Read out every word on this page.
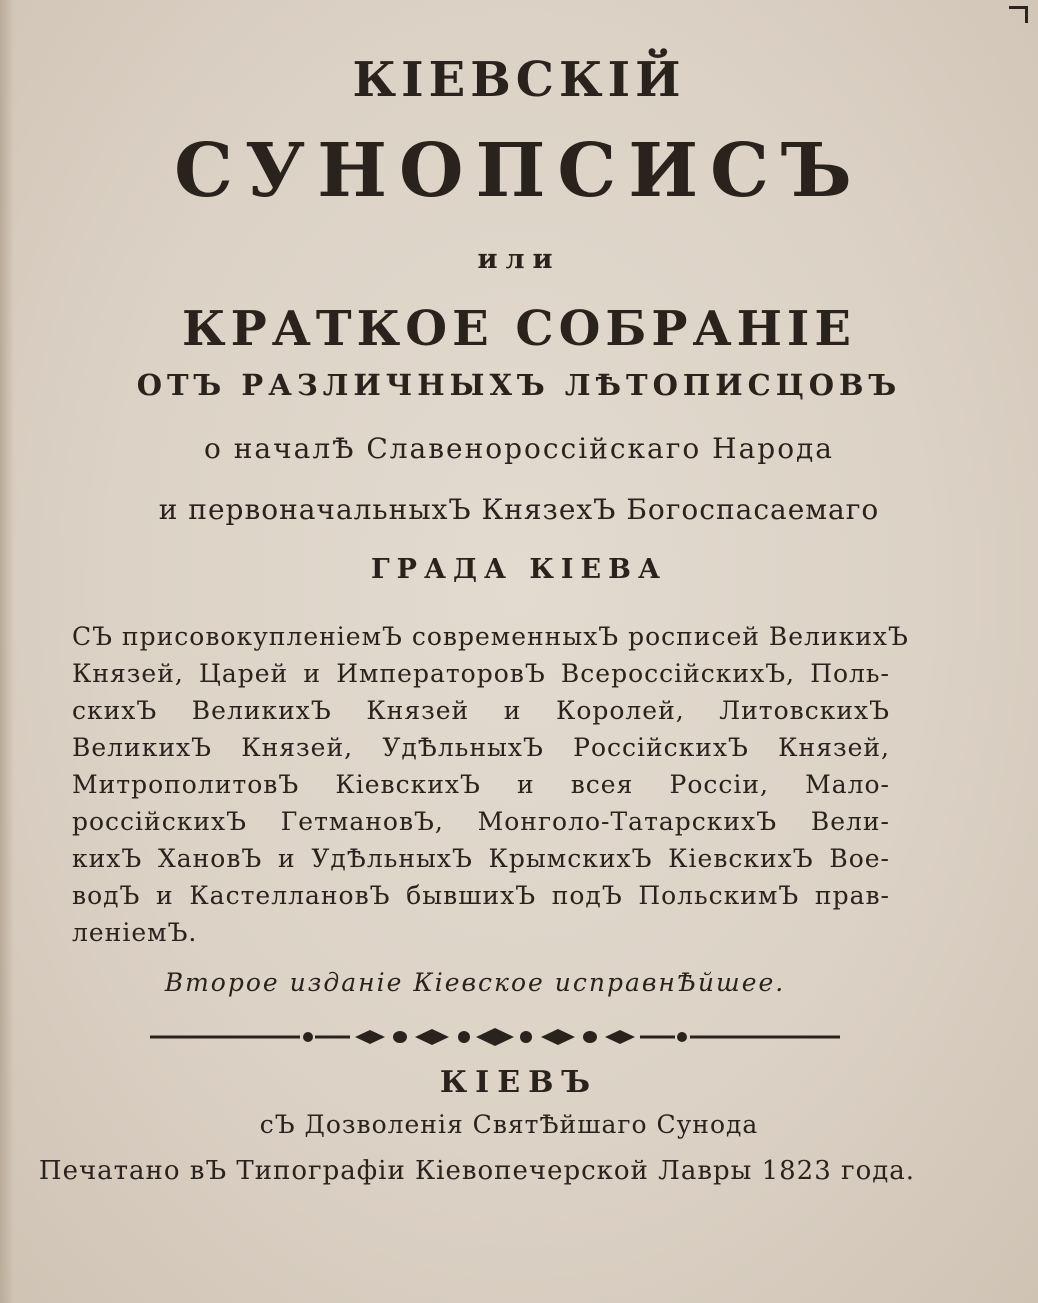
КІЕВСКІЙ
СУНОПСИСЪ
или
КРАТКОЕ СОБРАНІЕ
ОТЪ РАЗЛИЧНЫХЪ ЛѢТОПИСЦОВЪ
о началѢ Славенороссійскаго Народа
и первоначальныхЪ КнязехЪ Богоспасаемаго
ГРАДА КІЕВА
СЪ присовокупленіемЪ современныхЪ росписей ВеликихЪ
Князей, Царей и ИмператоровЪ ВсероссійскихЪ, Поль-
скихЪ ВеликихЪ Князей и Королей, ЛитовскихЪ
ВеликихЪ Князей, УдѢльныхЪ РоссійскихЪ Князей,
МитрополитовЪ КіевскихЪ и всея Россіи, Мало-
россійскихЪ ГетмановЪ, Монголо-ТатарскихЪ Вели-
кихЪ ХановЪ и УдѢльныхЪ КрымскихЪ КіевскихЪ Вое-
водЪ и КастеллановЪ бывшихЪ подЪ ПольскимЪ прав-
леніемЪ.
Второе изданіе Кіевское исправнѢйшее.
КІЕВЪ
сЪ Дозволенія СвятѢйшаго Сунода
Печатано вЪ Типографіи Кіевопечерской Лавры 1823 года.
